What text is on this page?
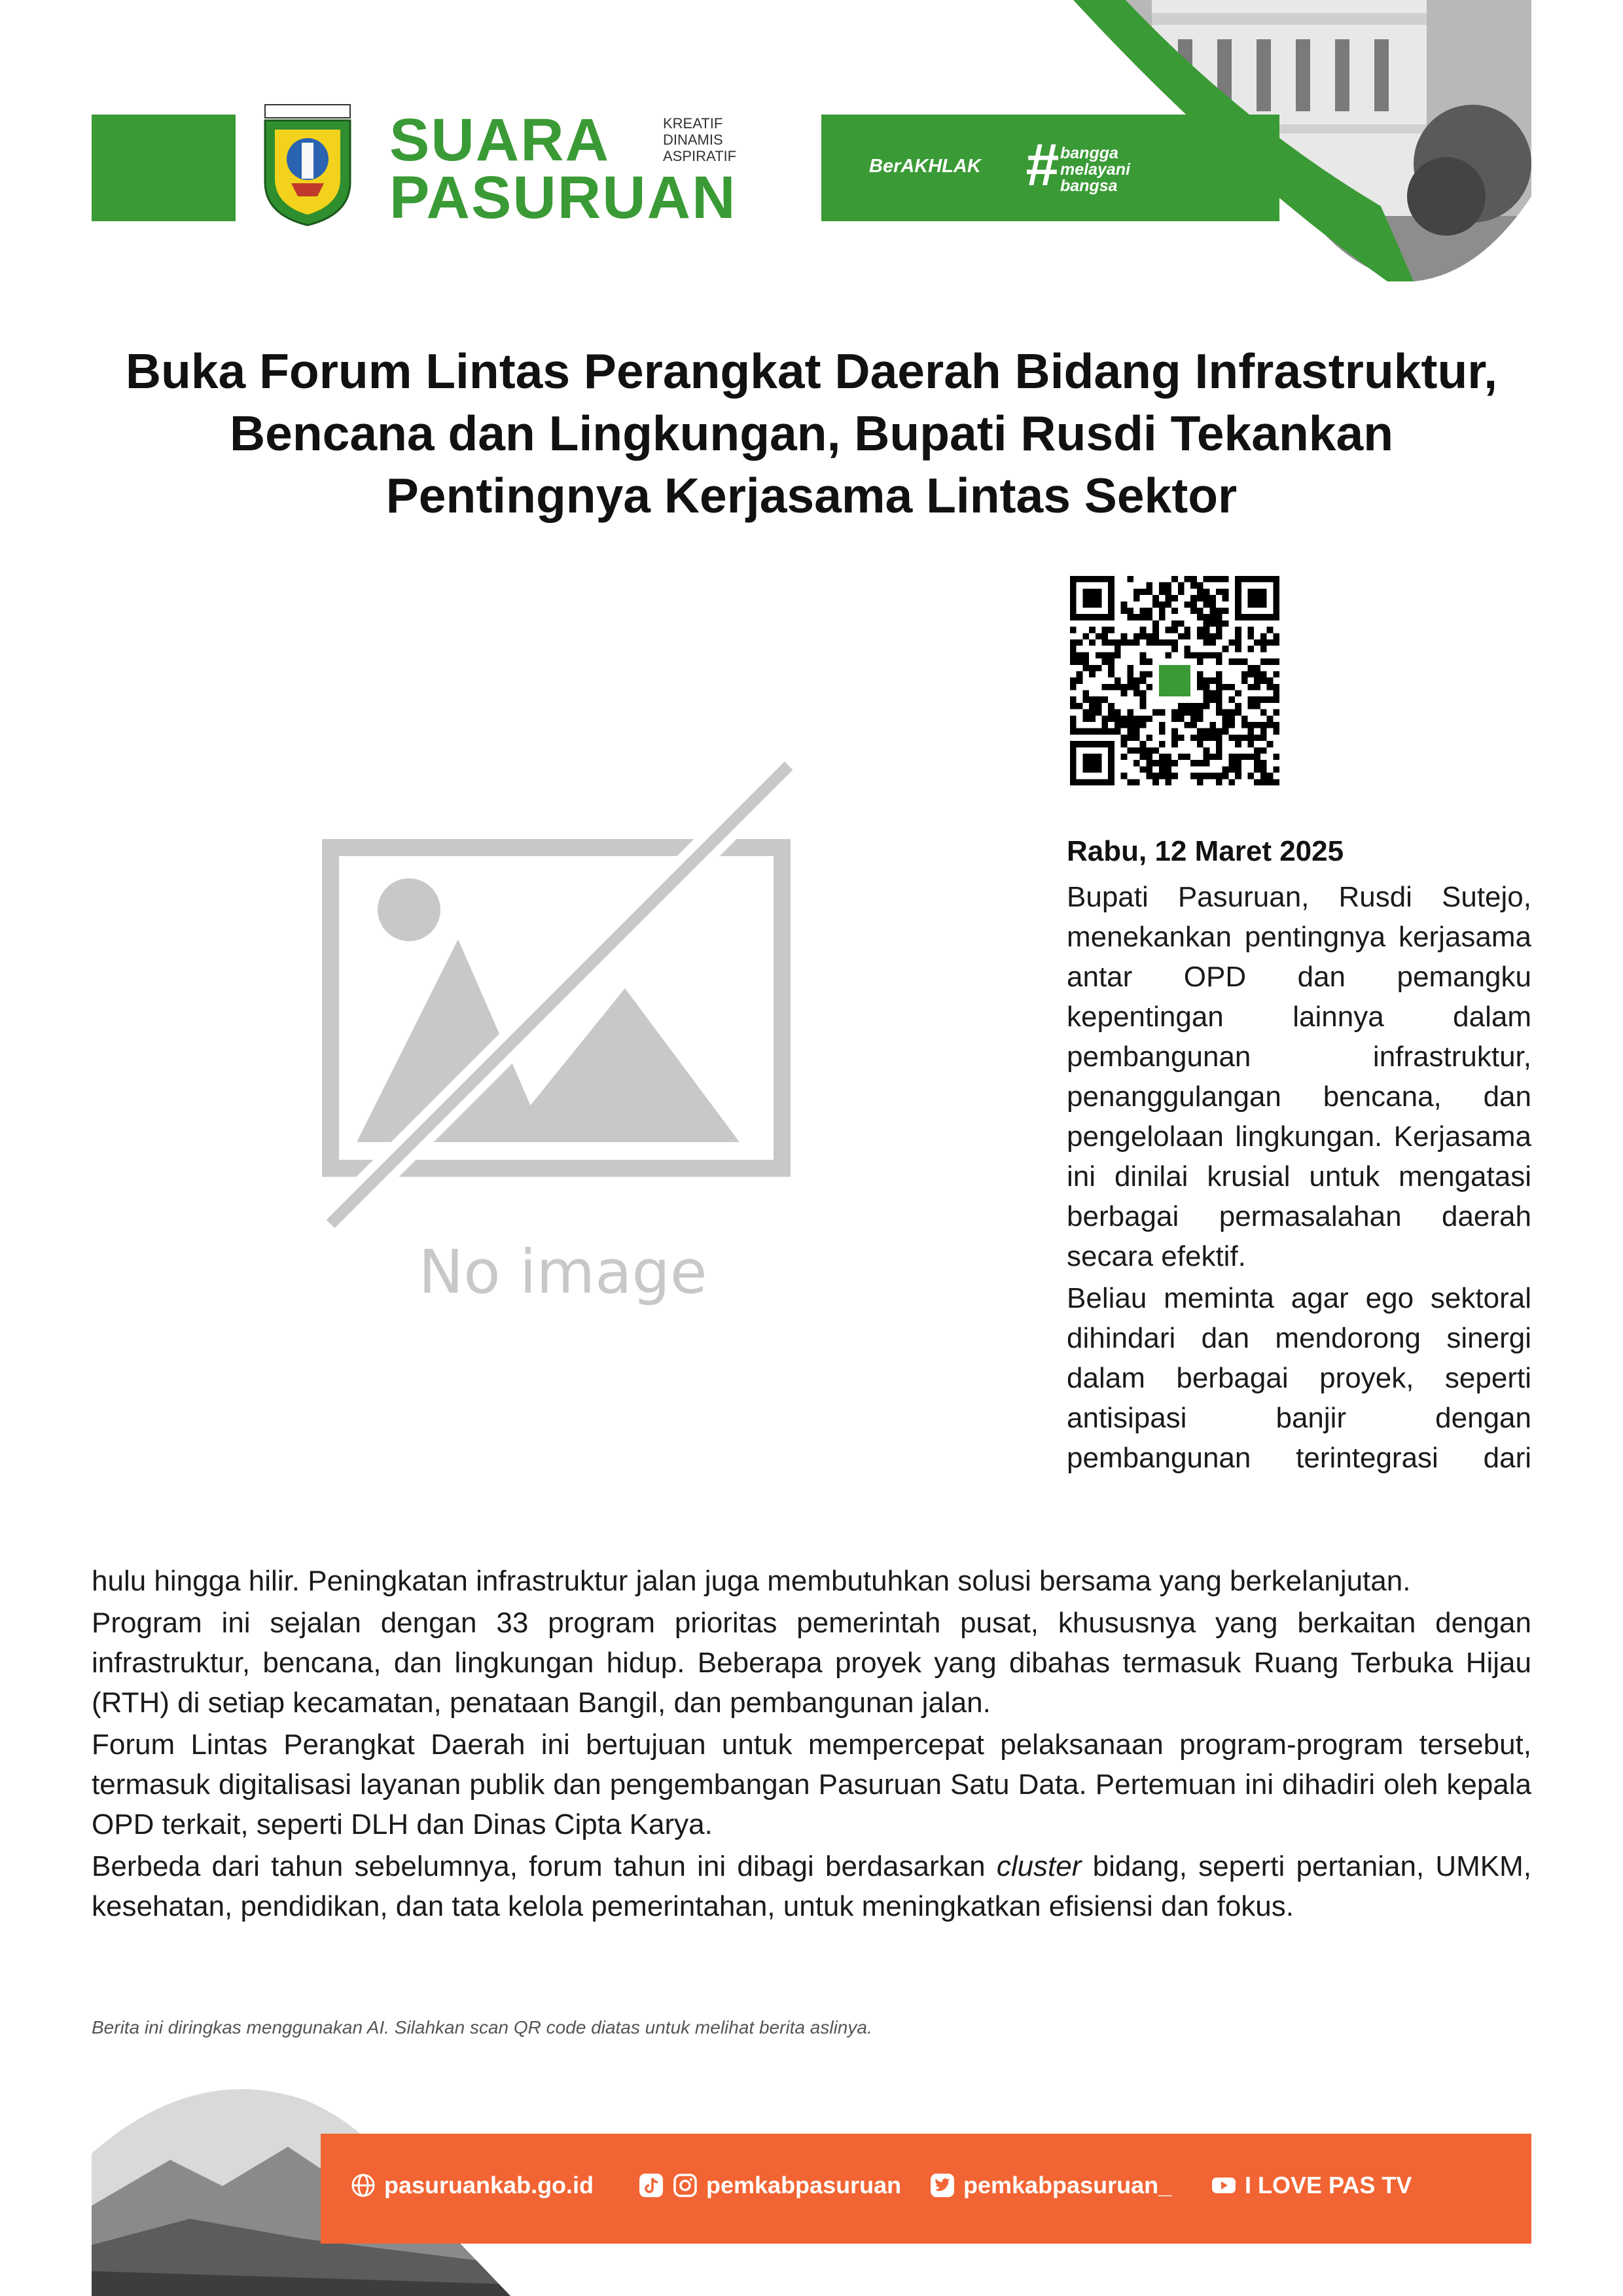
SUARA
PASURUAN
KREATIF
DINAMIS
ASPIRATIF	BerAKHLAK # bangga
melayani
bangsa
Buka Forum Lintas Perangkat Daerah Bidang Infrastruktur, Bencana dan Lingkungan, Bupati Rusdi Tekankan Pentingnya Kerjasama Lintas Sektor
No image
Rabu, 12 Maret 2025

Bupati Pasuruan, Rusdi Sutejo, menekankan pentingnya kerjasama antar OPD dan pemangku kepentingan lainnya dalam pembangunan infrastruktur, penanggulangan bencana, dan pengelolaan lingkungan. Kerjasama ini dinilai krusial untuk mengatasi berbagai permasalahan daerah secara efektif.

Beliau meminta agar ego sektoral dihindari dan mendorong sinergi dalam berbagai proyek, seperti antisipasi banjir dengan pembangunan terintegrasi dari

hulu hingga hilir. Peningkatan infrastruktur jalan juga membutuhkan solusi bersama yang berkelanjutan.

Program ini sejalan dengan 33 program prioritas pemerintah pusat, khususnya yang berkaitan dengan infrastruktur, bencana, dan lingkungan hidup. Beberapa proyek yang dibahas termasuk Ruang Terbuka Hijau (RTH) di setiap kecamatan, penataan Bangil, dan pembangunan jalan.

Forum Lintas Perangkat Daerah ini bertujuan untuk mempercepat pelaksanaan program-program tersebut, termasuk digitalisasi layanan publik dan pengembangan Pasuruan Satu Data. Pertemuan ini dihadiri oleh kepala OPD terkait, seperti DLH dan Dinas Cipta Karya.

Berbeda dari tahun sebelumnya, forum tahun ini dibagi berdasarkan cluster bidang, seperti pertanian, UMKM, kesehatan, pendidikan, dan tata kelola pemerintahan, untuk meningkatkan efisiensi dan fokus.

Berita ini diringkas menggunakan AI. Silahkan scan QR code diatas untuk melihat berita aslinya.
pasuruankab.go.id	pemkabpasuruan	pemkabpasuruan_	I LOVE PAS TV
